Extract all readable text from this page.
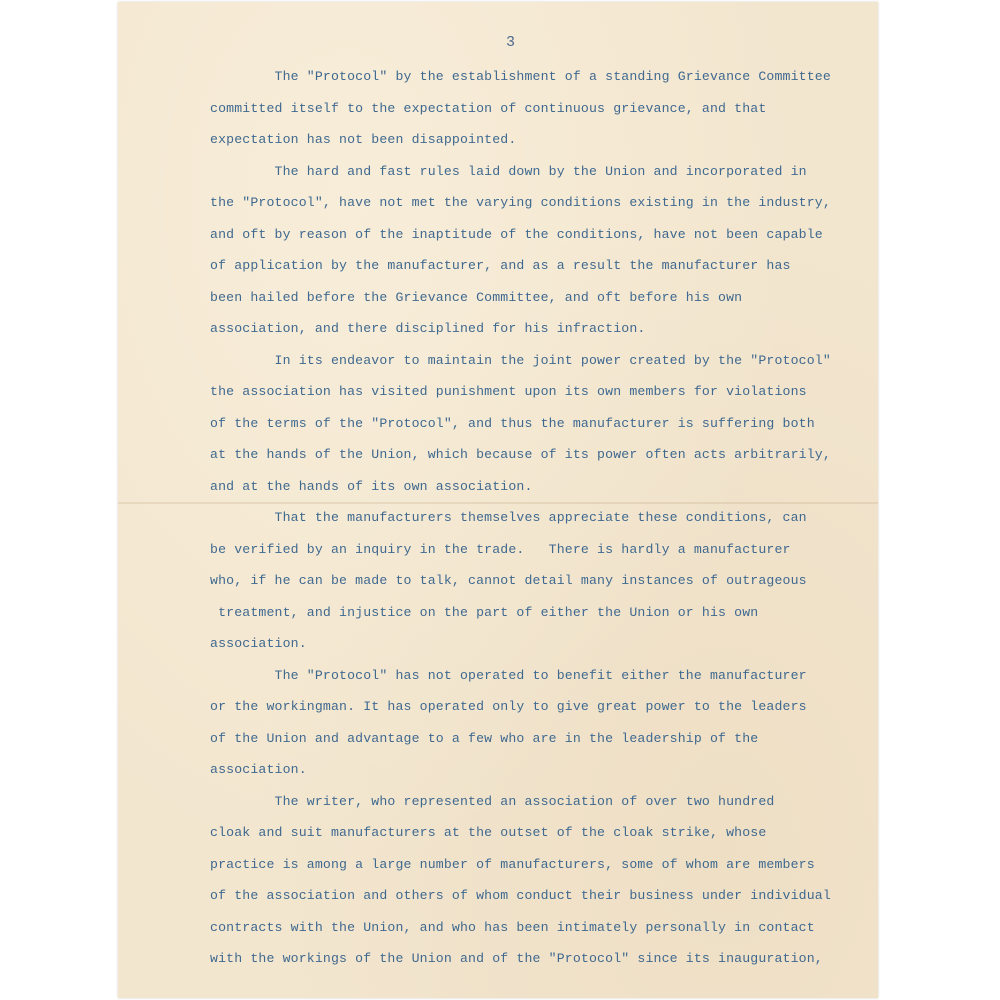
3
The "Protocol" by the establishment of a standing Grievance Committee
committed itself to the expectation of continuous grievance, and that
expectation has not been disappointed.
The hard and fast rules laid down by the Union and incorporated in
the "Protocol", have not met the varying conditions existing in the industry,
and oft by reason of the inaptitude of the conditions, have not been capable
of application by the manufacturer, and as a result the manufacturer has
been hailed before the Grievance Committee, and oft before his own
association, and there disciplined for his infraction.
In its endeavor to maintain the joint power created by the "Protocol"
the association has visited punishment upon its own members for violations
of the terms of the "Protocol", and thus the manufacturer is suffering both
at the hands of the Union, which because of its power often acts arbitrarily,
and at the hands of its own association.
That the manufacturers themselves appreciate these conditions, can
be verified by an inquiry in the trade.   There is hardly a manufacturer
who, if he can be made to talk, cannot detail many instances of outrageous
treatment, and injustice on the part of either the Union or his own
association.
The "Protocol" has not operated to benefit either the manufacturer
or the workingman. It has operated only to give great power to the leaders
of the Union and advantage to a few who are in the leadership of the
association.
The writer, who represented an association of over two hundred
cloak and suit manufacturers at the outset of the cloak strike, whose
practice is among a large number of manufacturers, some of whom are members
of the association and others of whom conduct their business under individual
contracts with the Union, and who has been intimately personally in contact
with the workings of the Union and of the "Protocol" since its inauguration,
